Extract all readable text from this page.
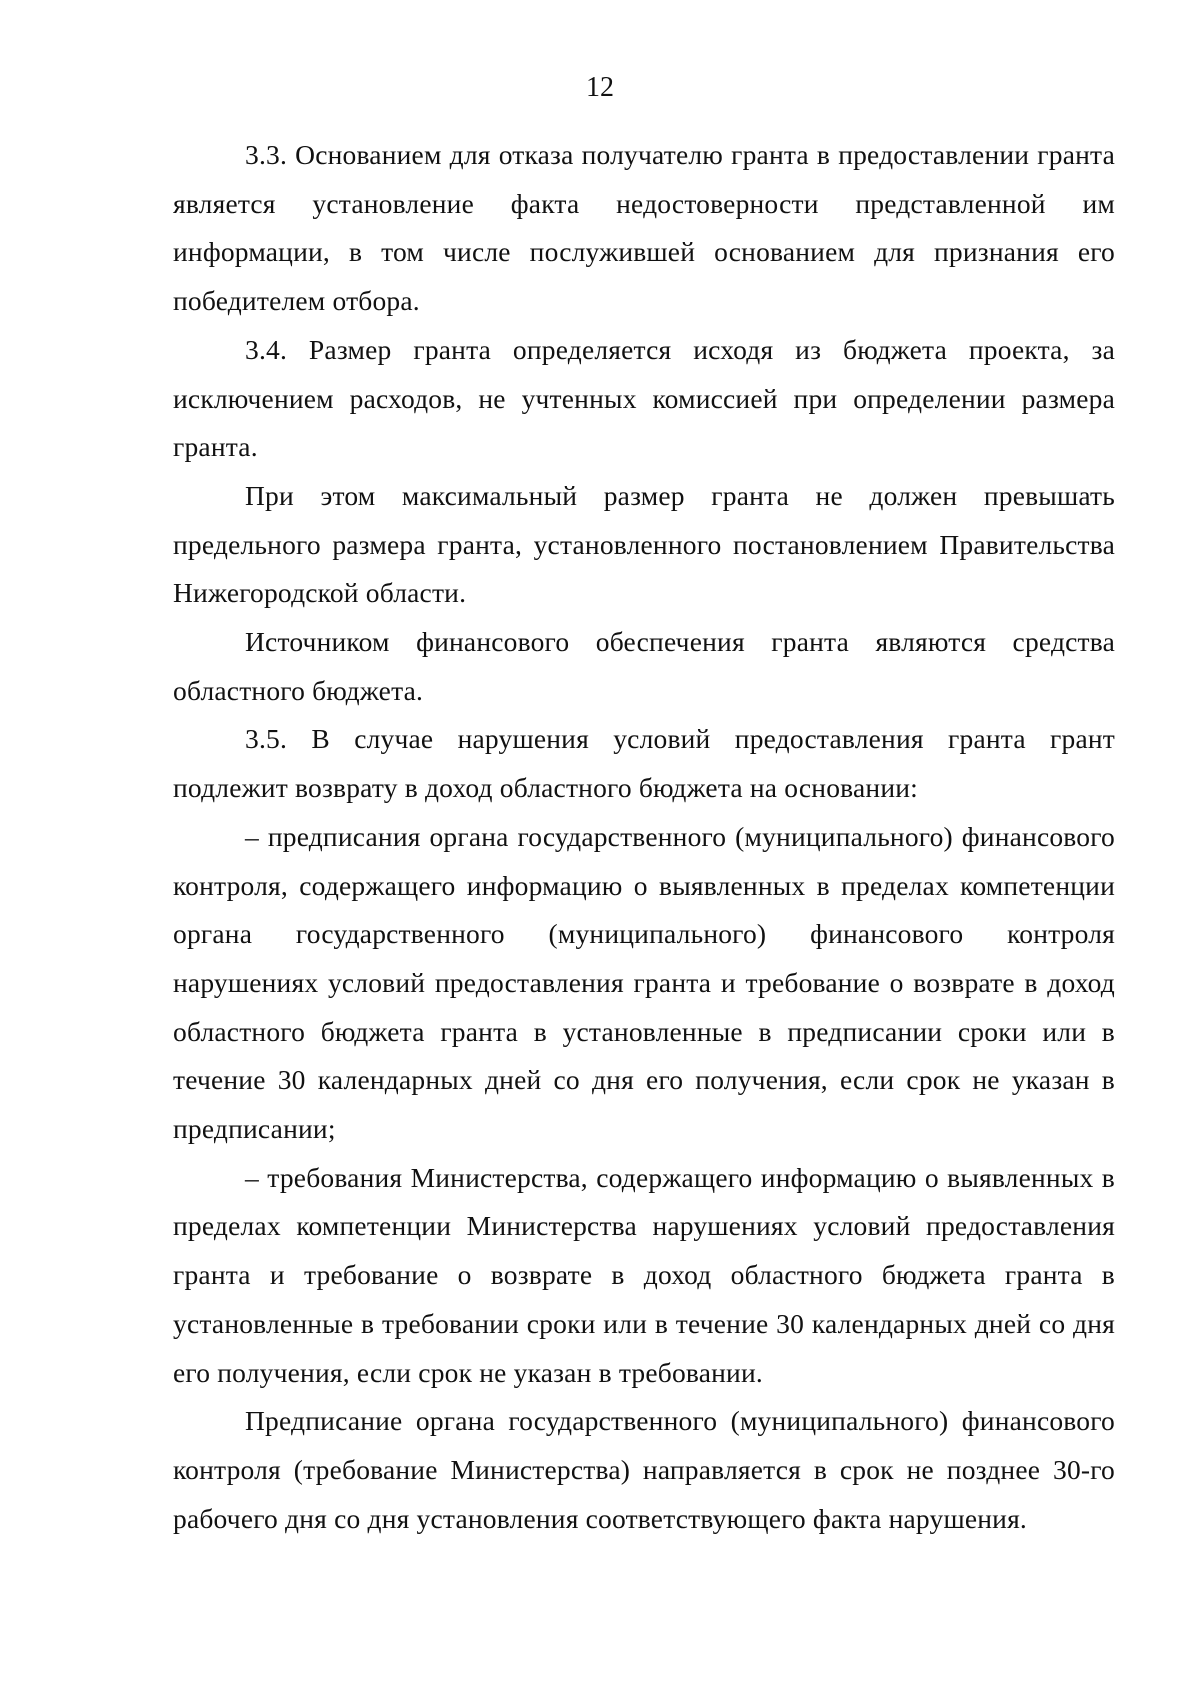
12

3.3. Основанием для отказа получателю гранта в предоставлении гранта является установление факта недостоверности представленной им информации, в том числе послужившей основанием для признания его победителем отбора.

3.4. Размер гранта определяется исходя из бюджета проекта, за исключением расходов, не учтенных комиссией при определении размера гранта.

При этом максимальный размер гранта не должен превышать предельного размера гранта, установленного постановлением Правительства Нижегородской области.

Источником финансового обеспечения гранта являются средства областного бюджета.

3.5. В случае нарушения условий предоставления гранта грант подлежит возврату в доход областного бюджета на основании:

– предписания органа государственного (муниципального) финансового контроля, содержащего информацию о выявленных в пределах компетенции органа государственного (муниципального) финансового контроля нарушениях условий предоставления гранта и требование о возврате в доход областного бюджета гранта в установленные в предписании сроки или в течение 30 календарных дней со дня его получения, если срок не указан в предписании;

– требования Министерства, содержащего информацию о выявленных в пределах компетенции Министерства нарушениях условий предоставления гранта и требование о возврате в доход областного бюджета гранта в установленные в требовании сроки или в течение 30 календарных дней со дня его получения, если срок не указан в требовании.

Предписание органа государственного (муниципального) финансового контроля (требование Министерства) направляется в срок не позднее 30-го рабочего дня со дня установления соответствующего факта нарушения.
